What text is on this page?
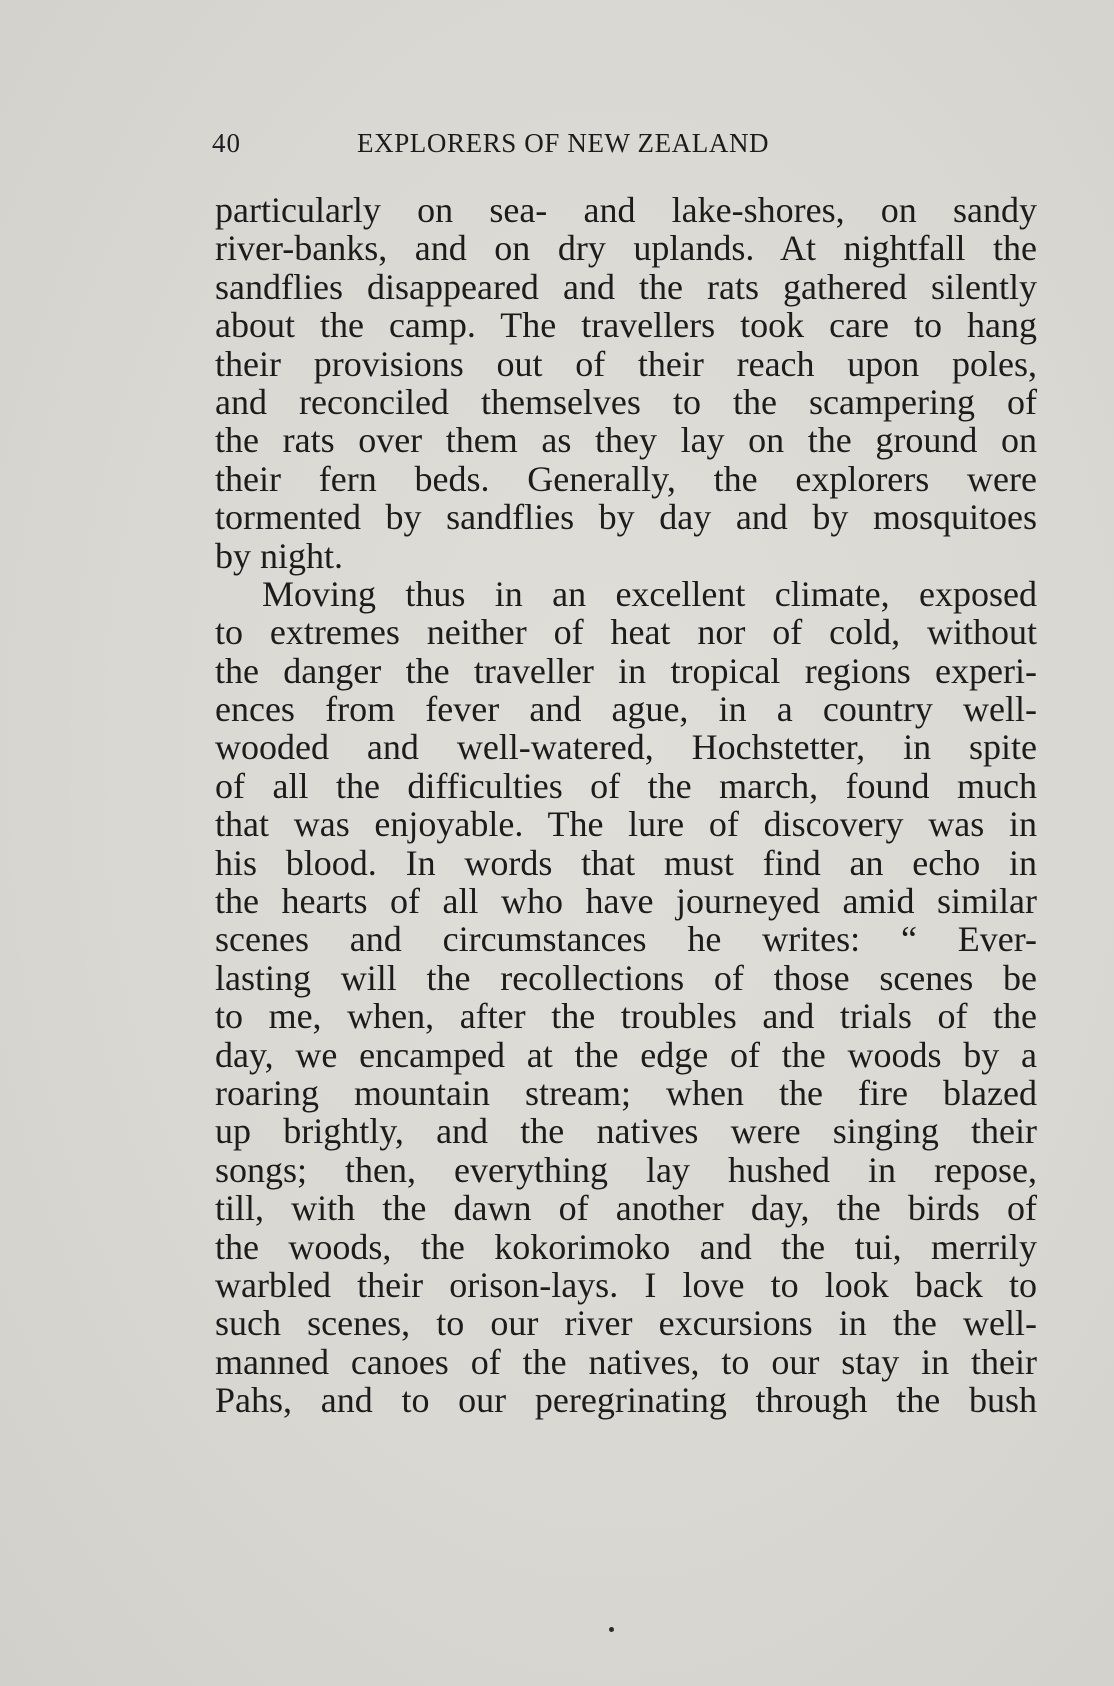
40	EXPLORERS OF NEW ZEALAND
particularly on sea- and lake-shores, on sandy
river-banks, and on dry uplands. At nightfall the
sandflies disappeared and the rats gathered silently
about the camp. The travellers took care to hang
their provisions out of their reach upon poles,
and reconciled themselves to the scampering of
the rats over them as they lay on the ground on
their fern beds. Generally, the explorers were
tormented by sandflies by day and by mosquitoes
by night.
Moving thus in an excellent climate, exposed
to extremes neither of heat nor of cold, without
the danger the traveller in tropical regions experi-
ences from fever and ague, in a country well-
wooded and well-watered, Hochstetter, in spite
of all the difficulties of the march, found much
that was enjoyable. The lure of discovery was in
his blood. In words that must find an echo in
the hearts of all who have journeyed amid similar
scenes and circumstances he writes: “ Ever-
lasting will the recollections of those scenes be
to me, when, after the troubles and trials of the
day, we encamped at the edge of the woods by a
roaring mountain stream; when the fire blazed
up brightly, and the natives were singing their
songs; then, everything lay hushed in repose,
till, with the dawn of another day, the birds of
the woods, the kokorimoko and the tui, merrily
warbled their orison-lays. I love to look back to
such scenes, to our river excursions in the well-
manned canoes of the natives, to our stay in their
Pahs, and to our peregrinating through the bush
